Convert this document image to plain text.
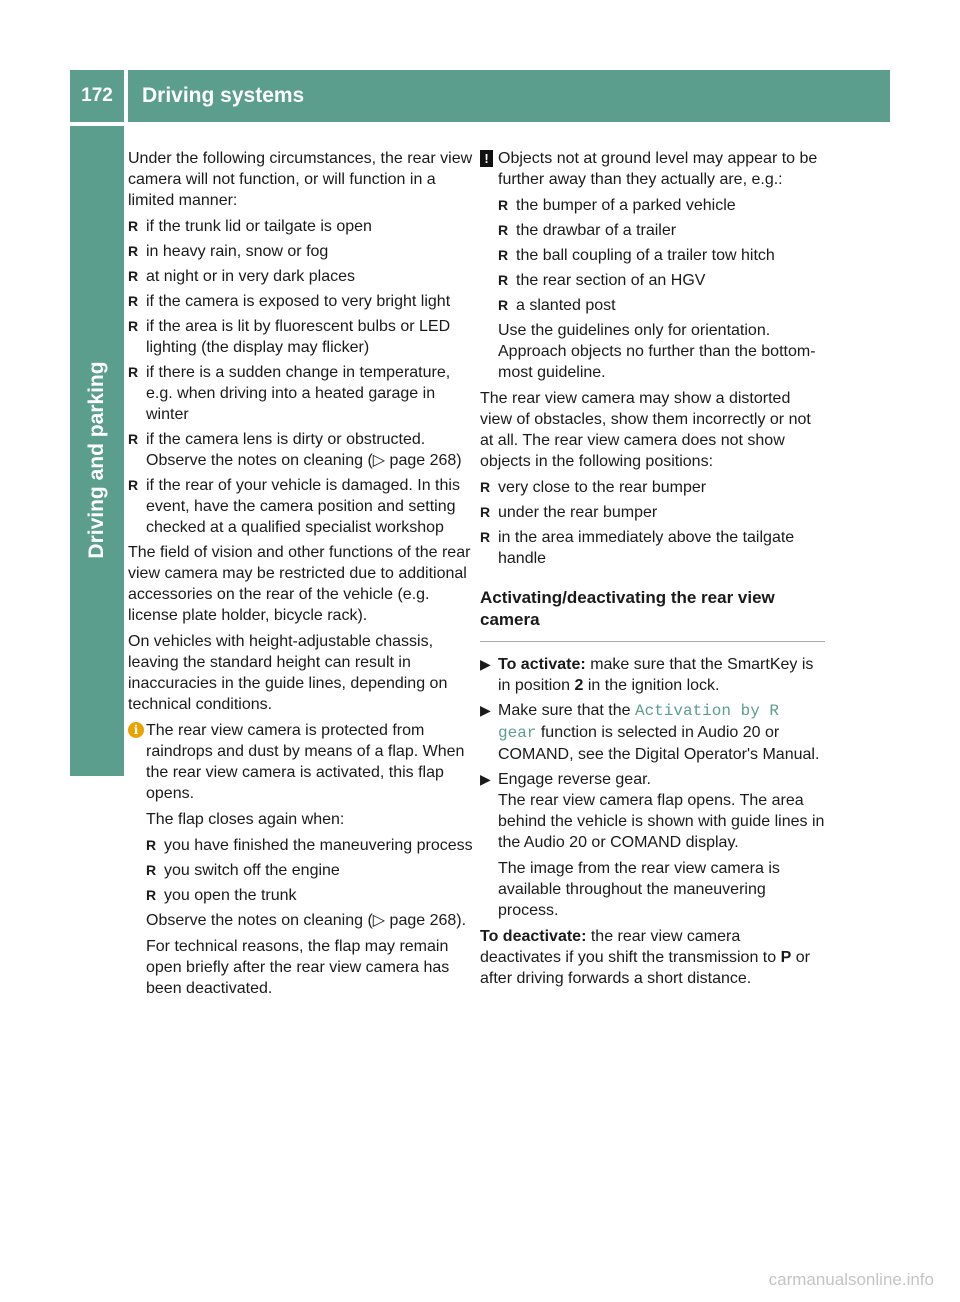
172	Driving systems
Driving and parking

Under the following circumstances, the rear view camera will not function, or will function in a limited manner:

R if the trunk lid or tailgate is open
R in heavy rain, snow or fog
R at night or in very dark places
R if the camera is exposed to very bright light
R if the area is lit by fluorescent bulbs or LED lighting (the display may flicker)
R if there is a sudden change in temperature, e.g. when driving into a heated garage in winter
R if the camera lens is dirty or obstructed. Observe the notes on cleaning (▷ page 268)
R if the rear of your vehicle is damaged. In this event, have the camera position and setting checked at a qualified specialist workshop

The field of vision and other functions of the rear view camera may be restricted due to additional accessories on the rear of the vehicle (e.g. license plate holder, bicycle rack).

On vehicles with height-adjustable chassis, leaving the standard height can result in inaccuracies in the guide lines, depending on technical conditions.

i The rear view camera is protected from raindrops and dust by means of a flap. When the rear view camera is activated, this flap opens.

The flap closes again when:

R you have finished the maneuvering process
R you switch off the engine
R you open the trunk

Observe the notes on cleaning (▷ page 268).

For technical reasons, the flap may remain open briefly after the rear view camera has been deactivated.

! Objects not at ground level may appear to be further away than they actually are, e.g.:

R the bumper of a parked vehicle
R the drawbar of a trailer
R the ball coupling of a trailer tow hitch
R the rear section of an HGV
R a slanted post

Use the guidelines only for orientation. Approach objects no further than the bottom-most guideline.

The rear view camera may show a distorted view of obstacles, show them incorrectly or not at all. The rear view camera does not show objects in the following positions:

R very close to the rear bumper
R under the rear bumper
R in the area immediately above the tailgate handle
Activating/deactivating the rear view camera
▶ To activate: make sure that the SmartKey is in position 2 in the ignition lock.
▶ Make sure that the Activation by R gear function is selected in Audio 20 or COMAND, see the Digital Operator's Manual.
▶ Engage reverse gear.
The rear view camera flap opens. The area behind the vehicle is shown with guide lines in the Audio 20 or COMAND display.

The image from the rear view camera is available throughout the maneuvering process.

To deactivate: the rear view camera deactivates if you shift the transmission to P or after driving forwards a short distance.

carmanualsonline.info
